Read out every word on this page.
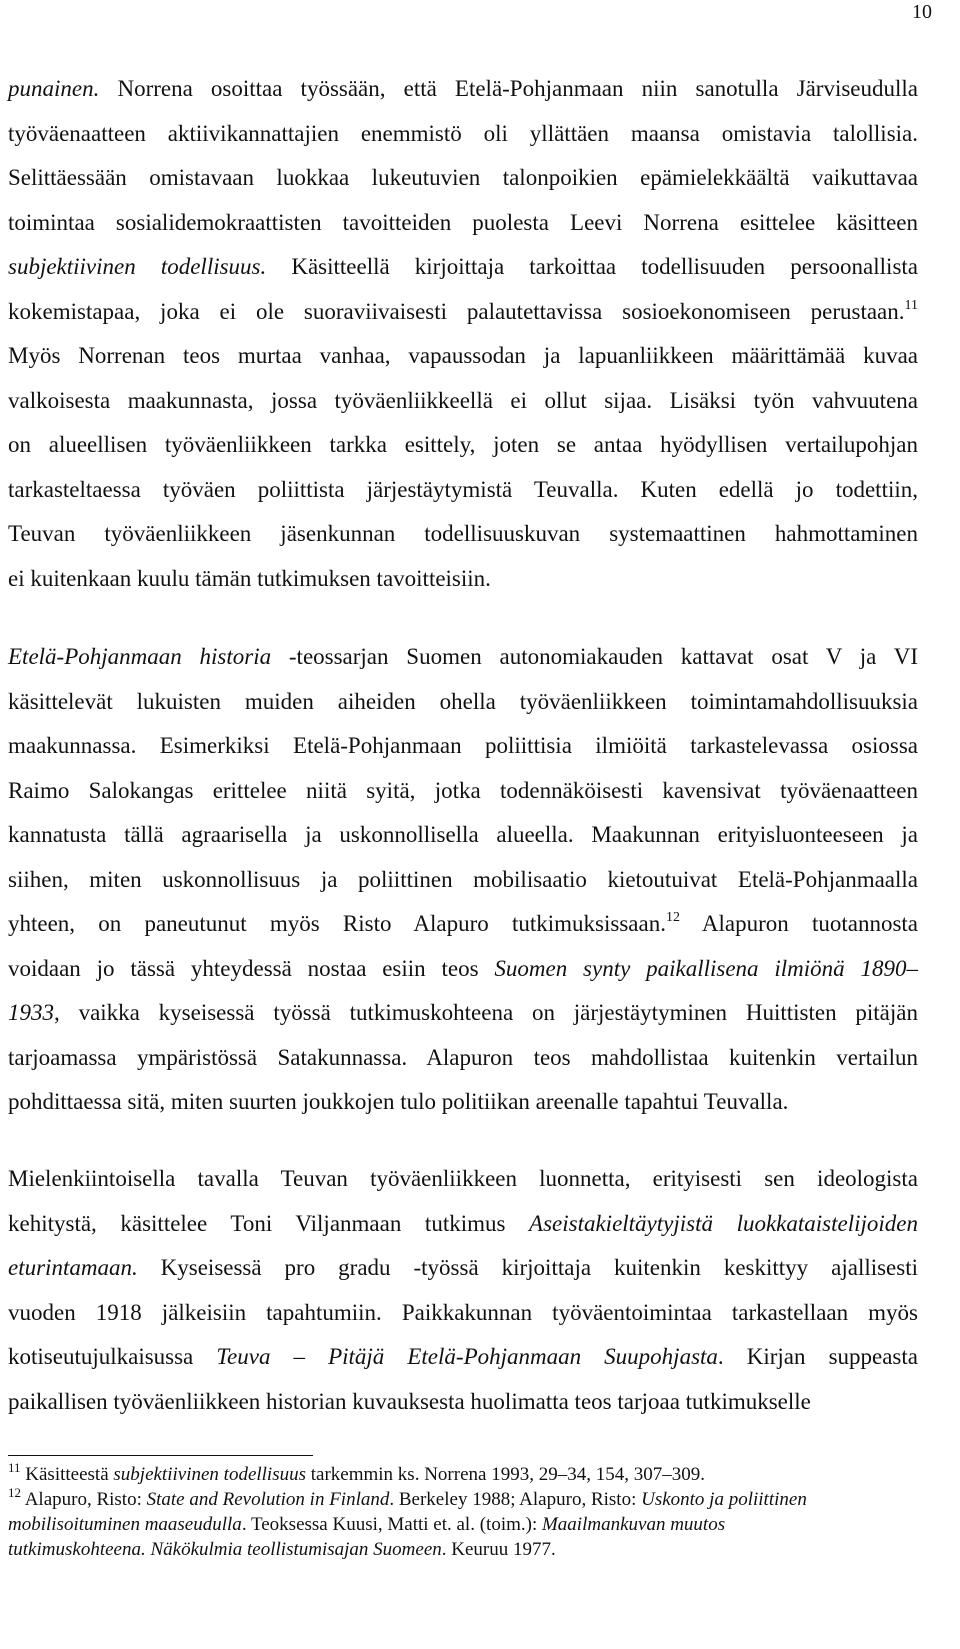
10
punainen. Norrena osoittaa työssään, että Etelä-Pohjanmaan niin sanotulla Järviseudulla
työväenaatteen aktiivikannattajien enemmistö oli yllättäen maansa omistavia talollisia.
Selittäessään omistavaan luokkaa lukeutuvien talonpoikien epämielekkäältä vaikuttavaa
toimintaa sosialidemokraattisten tavoitteiden puolesta Leevi Norrena esittelee käsitteen
subjektiivinen todellisuus. Käsitteellä kirjoittaja tarkoittaa todellisuuden persoonallista
kokemistapaa, joka ei ole suoraviivaisesti palautettavissa sosioekonomiseen perustaan.$^{11}$
Myös Norrenan teos murtaa vanhaa, vapaussodan ja lapuanliikkeen määrittämää kuvaa
valkoisesta maakunnasta, jossa työväenliikkeellä ei ollut sijaa. Lisäksi työn vahvuutena
on alueellisen työväenliikkeen tarkka esittely, joten se antaa hyödyllisen vertailupohjan
tarkasteltaessa työväen poliittista järjestäytymistä Teuvalla. Kuten edellä jo todettiin,
Teuvan työväenliikkeen jäsenkunnan todellisuuskuvan systemaattinen hahmottaminen
ei kuitenkaan kuulu tämän tutkimuksen tavoitteisiin.
Etelä-Pohjanmaan historia -teossarjan Suomen autonomiakauden kattavat osat V ja VI
käsittelevät lukuisten muiden aiheiden ohella työväenliikkeen toimintamahdollisuuksia
maakunnassa. Esimerkiksi Etelä-Pohjanmaan poliittisia ilmiöitä tarkastelevassa osiossa
Raimo Salokangas erittelee niitä syitä, jotka todennäköisesti kavensivat työväenaatteen
kannatusta tällä agraarisella ja uskonnollisella alueella. Maakunnan erityisluonteeseen ja
siihen, miten uskonnollisuus ja poliittinen mobilisaatio kietoutuivat Etelä-Pohjanmaalla
yhteen, on paneutunut myös Risto Alapuro tutkimuksissaan.$^{12}$ Alapuron tuotannosta
voidaan jo tässä yhteydessä nostaa esiin teos Suomen synty paikallisena ilmiönä 1890–
1933, vaikka kyseisessä työssä tutkimuskohteena on järjestäytyminen Huittisten pitäjän
tarjoamassa ympäristössä Satakunnassa. Alapuron teos mahdollistaa kuitenkin vertailun
pohdittaessa sitä, miten suurten joukkojen tulo politiikan areenalle tapahtui Teuvalla.
Mielenkiintoisella tavalla Teuvan työväenliikkeen luonnetta, erityisesti sen ideologista
kehitystä, käsittelee Toni Viljanmaan tutkimus Aseistakieltäytyjistä luokkataistelijoiden
eturintamaan. Kyseisessä pro gradu -työssä kirjoittaja kuitenkin keskittyy ajallisesti
vuoden 1918 jälkeisiin tapahtumiin. Paikkakunnan työväentoimintaa tarkastellaan myös
kotiseutujulkaisussa Teuva – Pitäjä Etelä-Pohjanmaan Suupohjasta. Kirjan suppeasta
paikallisen työväenliikkeen historian kuvauksesta huolimatta teos tarjoaa tutkimukselle
$^{11}$ Käsitteestä subjektiivinen todellisuus tarkemmin ks. Norrena 1993, 29–34, 154, 307–309.
$^{12}$ Alapuro, Risto: State and Revolution in Finland. Berkeley 1988; Alapuro, Risto: Uskonto ja poliittinen
mobilisoituminen maaseudulla. Teoksessa Kuusi, Matti et. al. (toim.): Maailmankuvan muutos
tutkimuskohteena. Näkökulmia teollistumisajan Suomeen. Keuruu 1977.
